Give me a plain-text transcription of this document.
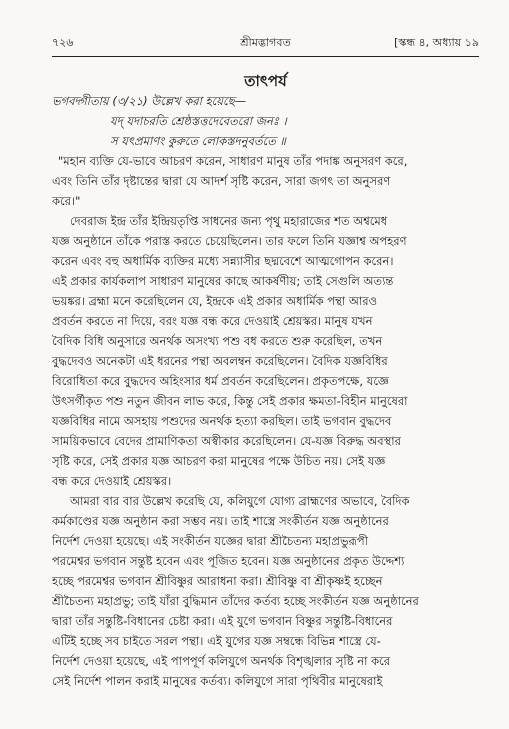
৭২৬	শ্রীমদ্ভাগবত	[স্কন্ধ ৪, অধ্যায় ১৯
তাৎপর্য
ভগবদ্গীতায় (৩/২১) উল্লেখ করা হয়েছে—
যদ্ যদাচরতি শ্রেষ্ঠস্তত্তদেবেতরো জনঃ ।
স যৎপ্রমাণং কুরুতে লোকস্তদনুবর্ততে ॥
"মহান ব্যক্তি যে-ভাবে আচরণ করেন, সাধারণ মানুষ তাঁর পদাঙ্ক অনুসরণ করে,
এবং তিনি তাঁর দৃষ্টান্তের দ্বারা যে আদর্শ সৃষ্টি করেন, সারা জগৎ তা অনুসরণ
করে।"
দেবরাজ ইন্দ্র তাঁর ইন্দ্রিয়তৃপ্তি সাধনের জন্য পৃথু মহারাজের শত অশ্বমেধ
যজ্ঞ অনুষ্ঠানে তাঁকে পরাস্ত করতে চেয়েছিলেন। তার ফলে তিনি যজ্ঞাশ্ব অপহরণ
করেন এবং বহু অধার্মিক ব্যক্তির মধ্যে সন্ন্যাসীর ছদ্মবেশে আত্মগোপন করেন।
এই প্রকার কার্যকলাপ সাধারণ মানুষের কাছে আকর্ষণীয়; তাই সেগুলি অত্যন্ত
ভয়ঙ্কর। ব্রহ্মা মনে করেছিলেন যে, ইন্দ্রকে এই প্রকার অধার্মিক পন্থা আরও
প্রবর্তন করতে না দিয়ে, বরং যজ্ঞ বন্ধ করে দেওয়াই শ্রেয়স্কর। মানুষ যখন
বৈদিক বিধি অনুসারে অনর্থক অসংখ্য পশু বধ করতে শুরু করেছিল, তখন
বুদ্ধদেবও অনেকটা এই ধরনের পন্থা অবলম্বন করেছিলেন। বৈদিক যজ্ঞবিধির
বিরোধিতা করে বুদ্ধদেব অহিংসার ধর্ম প্রবর্তন করেছিলেন। প্রকৃতপক্ষে, যজ্ঞে
উৎসর্গীকৃত পশু নতুন জীবন লাভ করে, কিন্তু সেই প্রকার ক্ষমতা-বিহীন মানুষেরা
যজ্ঞবিধির নামে অসহায় পশুদের অনর্থক হত্যা করছিল। তাই ভগবান বুদ্ধদেব
সাময়িকভাবে বেদের প্রামাণিকতা অস্বীকার করেছিলেন। যে-যজ্ঞ বিরুদ্ধ অবস্থার
সৃষ্টি করে, সেই প্রকার যজ্ঞ আচরণ করা মানুষের পক্ষে উচিত নয়। সেই যজ্ঞ
বন্ধ করে দেওয়াই শ্রেয়স্কর।
আমরা বার বার উল্লেখ করেছি যে, কলিযুগে যোগ্য ব্রাহ্মণের অভাবে, বৈদিক
কর্মকাণ্ডের যজ্ঞ অনুষ্ঠান করা সম্ভব নয়। তাই শাস্ত্রে সংকীর্তন যজ্ঞ অনুষ্ঠানের
নির্দেশ দেওয়া হয়েছে। এই সংকীর্তন যজ্ঞের দ্বারা শ্রীচৈতন্য মহাপ্রভুরূপী
পরমেশ্বর ভগবান সন্তুষ্ট হবেন এবং পূজিত হবেন। যজ্ঞ অনুষ্ঠানের প্রকৃত উদ্দেশ্য
হচ্ছে পরমেশ্বর ভগবান শ্রীবিষ্ণুর আরাধনা করা। শ্রীবিষ্ণু বা শ্রীকৃষ্ণই হচ্ছেন
শ্রীচৈতন্য মহাপ্রভু; তাই যাঁরা বুদ্ধিমান তাঁদের কর্তব্য হচ্ছে সংকীর্তন যজ্ঞ অনুষ্ঠানের
দ্বারা তাঁর সন্তুষ্টি-বিধানের চেষ্টা করা। এই যুগে ভগবান বিষ্ণুর সন্তুষ্টি-বিধানের
এটিই হচ্ছে সব চাইতে সরল পন্থা। এই যুগের যজ্ঞ সম্বন্ধে বিভিন্ন শাস্ত্রে যে-
নির্দেশ দেওয়া হয়েছে, এই পাপপূর্ণ কলিযুগে অনর্থক বিশৃঙ্খলার সৃষ্টি না করে
সেই নির্দেশ পালন করাই মানুষের কর্তব্য। কলিযুগে সারা পৃথিবীর মানুষেরাই
